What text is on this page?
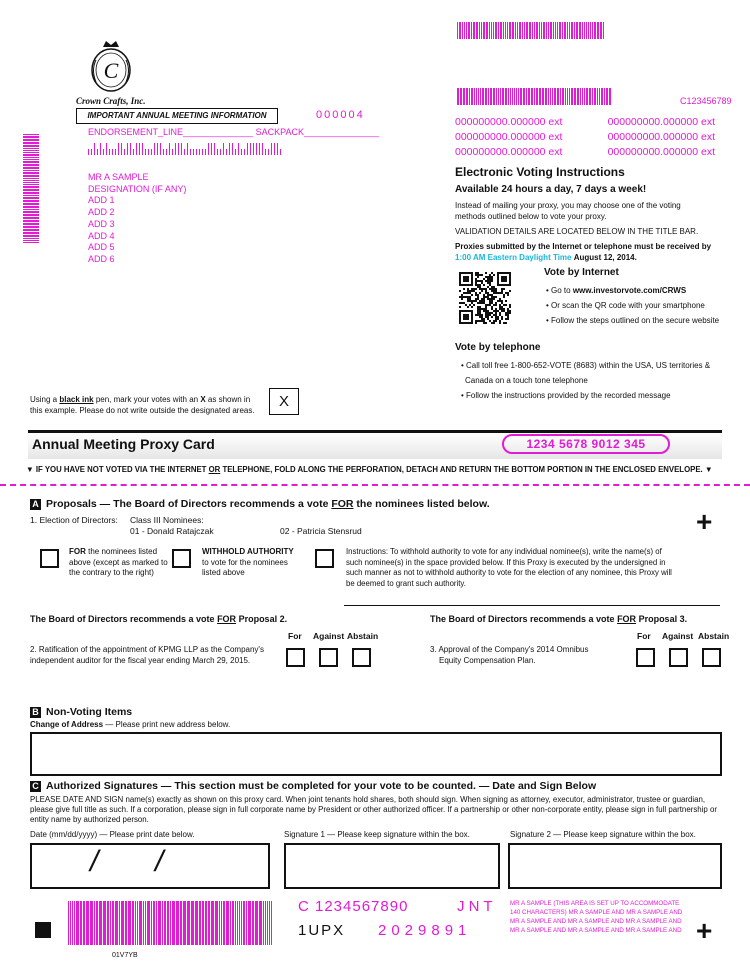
C
Crown Crafts, Inc.
IMPORTANT ANNUAL MEETING INFORMATION	000004
ENDORSEMENT_LINE______________ SACKPACK_______________
MR A SAMPLE
DESIGNATION (IF ANY)
ADD 1
ADD 2
ADD 3
ADD 4
ADD 5
ADD 6
C123456789
000000000.000000 ext	000000000.000000 ext
000000000.000000 ext	000000000.000000 ext
000000000.000000 ext	000000000.000000 ext
Electronic Voting Instructions
Available 24 hours a day, 7 days a week!
Instead of mailing your proxy, you may choose one of the voting methods outlined below to vote your proxy.
VALIDATION DETAILS ARE LOCATED BELOW IN THE TITLE BAR.
Proxies submitted by the Internet or telephone must be received by
1:00 AM Eastern Daylight Time August 12, 2014.
Vote by Internet
• Go to www.investorvote.com/CRWS
• Or scan the QR code with your smartphone
• Follow the steps outlined on the secure website
Vote by telephone
• Call toll free 1-800-652-VOTE (8683) within the USA, US territories &
Canada on a touch tone telephone
• Follow the instructions provided by the recorded message
Using a black ink pen, mark your votes with an X as shown in this example. Please do not write outside the designated areas.
X
Annual Meeting Proxy Card	1234 5678 9012 345
▼ IF YOU HAVE NOT VOTED VIA THE INTERNET OR TELEPHONE, FOLD ALONG THE PERFORATION, DETACH AND RETURN THE BOTTOM PORTION IN THE ENCLOSED ENVELOPE. ▼
A Proposals — The Board of Directors recommends a vote FOR the nominees listed below.
1. Election of Directors: Class III Nominees:
01 - Donald Ratajczak	02 - Patricia Stensrud	+
FOR the nominees listed above (except as marked to the contrary to the right)
WITHHOLD AUTHORITY
to vote for the nominees listed above
Instructions: To withhold authority to vote for any individual nominee(s), write the name(s) of such nominee(s) in the space provided below. If this Proxy is executed by the undersigned in such manner as not to withhold authority to vote for the election of any nominee, this Proxy will be deemed to grant such authority.
The Board of Directors recommends a vote FOR Proposal 2.
For Against Abstain
2. Ratification of the appointment of KPMG LLP as the Company's independent auditor for the fiscal year ending March 29, 2015.
The Board of Directors recommends a vote FOR Proposal 3.
For Against Abstain
3. Approval of the Company's 2014 Omnibus
Equity Compensation Plan.
B Non-Voting Items
Change of Address — Please print new address below.
C Authorized Signatures — This section must be completed for your vote to be counted. — Date and Sign Below
PLEASE DATE AND SIGN name(s) exactly as shown on this proxy card. When joint tenants hold shares, both should sign. When signing as attorney, executor, administrator, trustee or guardian, please give full title as such. If a corporation, please sign in full corporate name by President or other authorized officer. If a partnership or other non-corporate entity, please sign in full partnership or entity name by authorized person.
Date (mm/dd/yyyy) — Please print date below.	Signature 1 — Please keep signature within the box.	Signature 2 — Please keep signature within the box.
/ /
C 1234567890	J N T
1UPX 2029891
MR A SAMPLE (THIS AREA IS SET UP TO ACCOMMODATE 140 CHARACTERS) MR A SAMPLE AND MR A SAMPLE AND MR A SAMPLE AND MR A SAMPLE AND MR A SAMPLE AND MR A SAMPLE AND MR A SAMPLE AND MR A SAMPLE AND +
01V7YB
